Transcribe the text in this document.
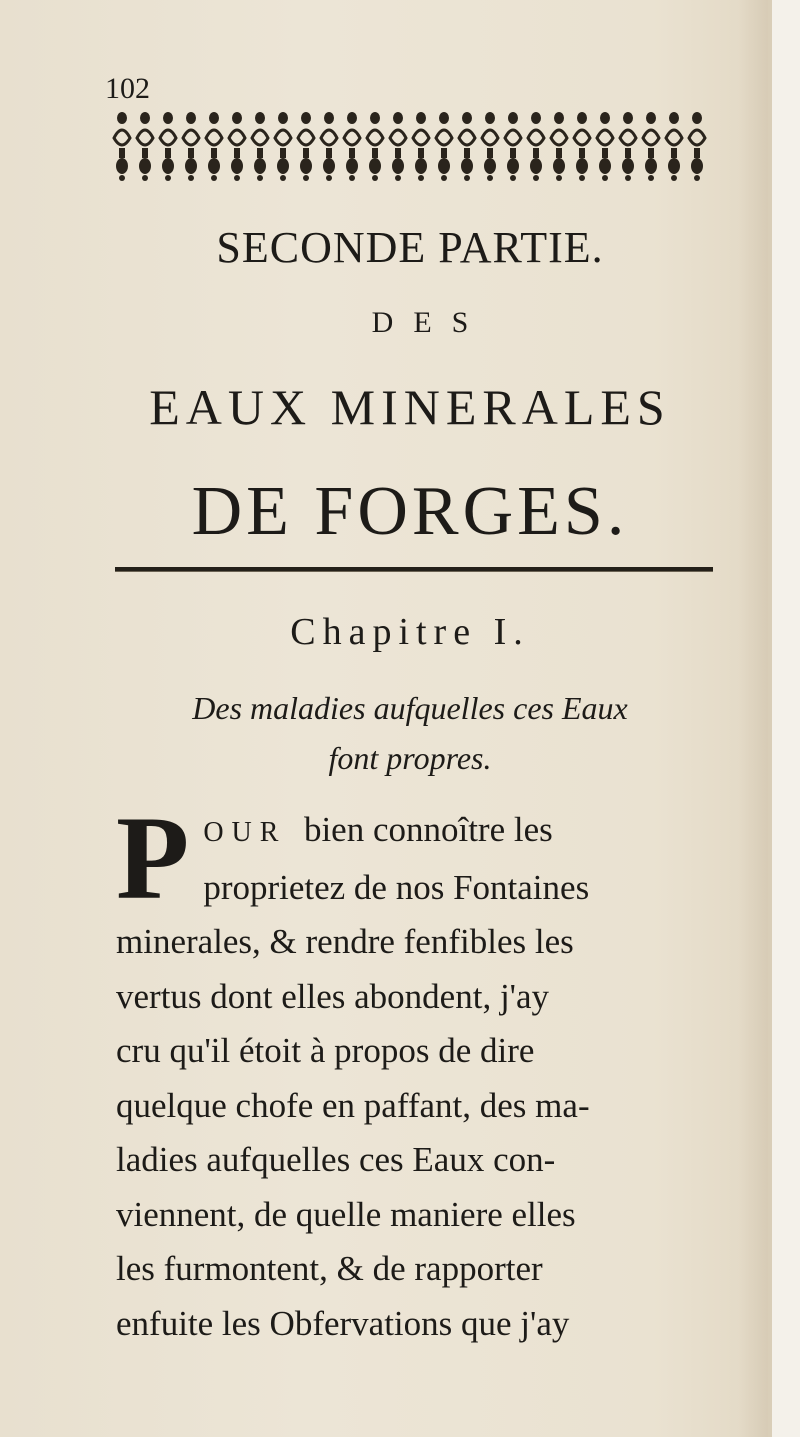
102
SECONDE PARTIE.
DES
EAUX MINERALES
DE FORGES.
Chapitre I.
Des maladies aufquelles ces Eaux
font propres.
P OUR bien connoître les
proprietez de nos Fontaines
minerales, & rendre fenfibles les
vertus dont elles abondent, j'ay
cru qu'il étoit à propos de dire
quelque chofe en paffant, des ma-
ladies aufquelles ces Eaux con-
viennent, de quelle maniere elles
les furmontent, & de rapporter
enfuite les Obfervations que j'ay
